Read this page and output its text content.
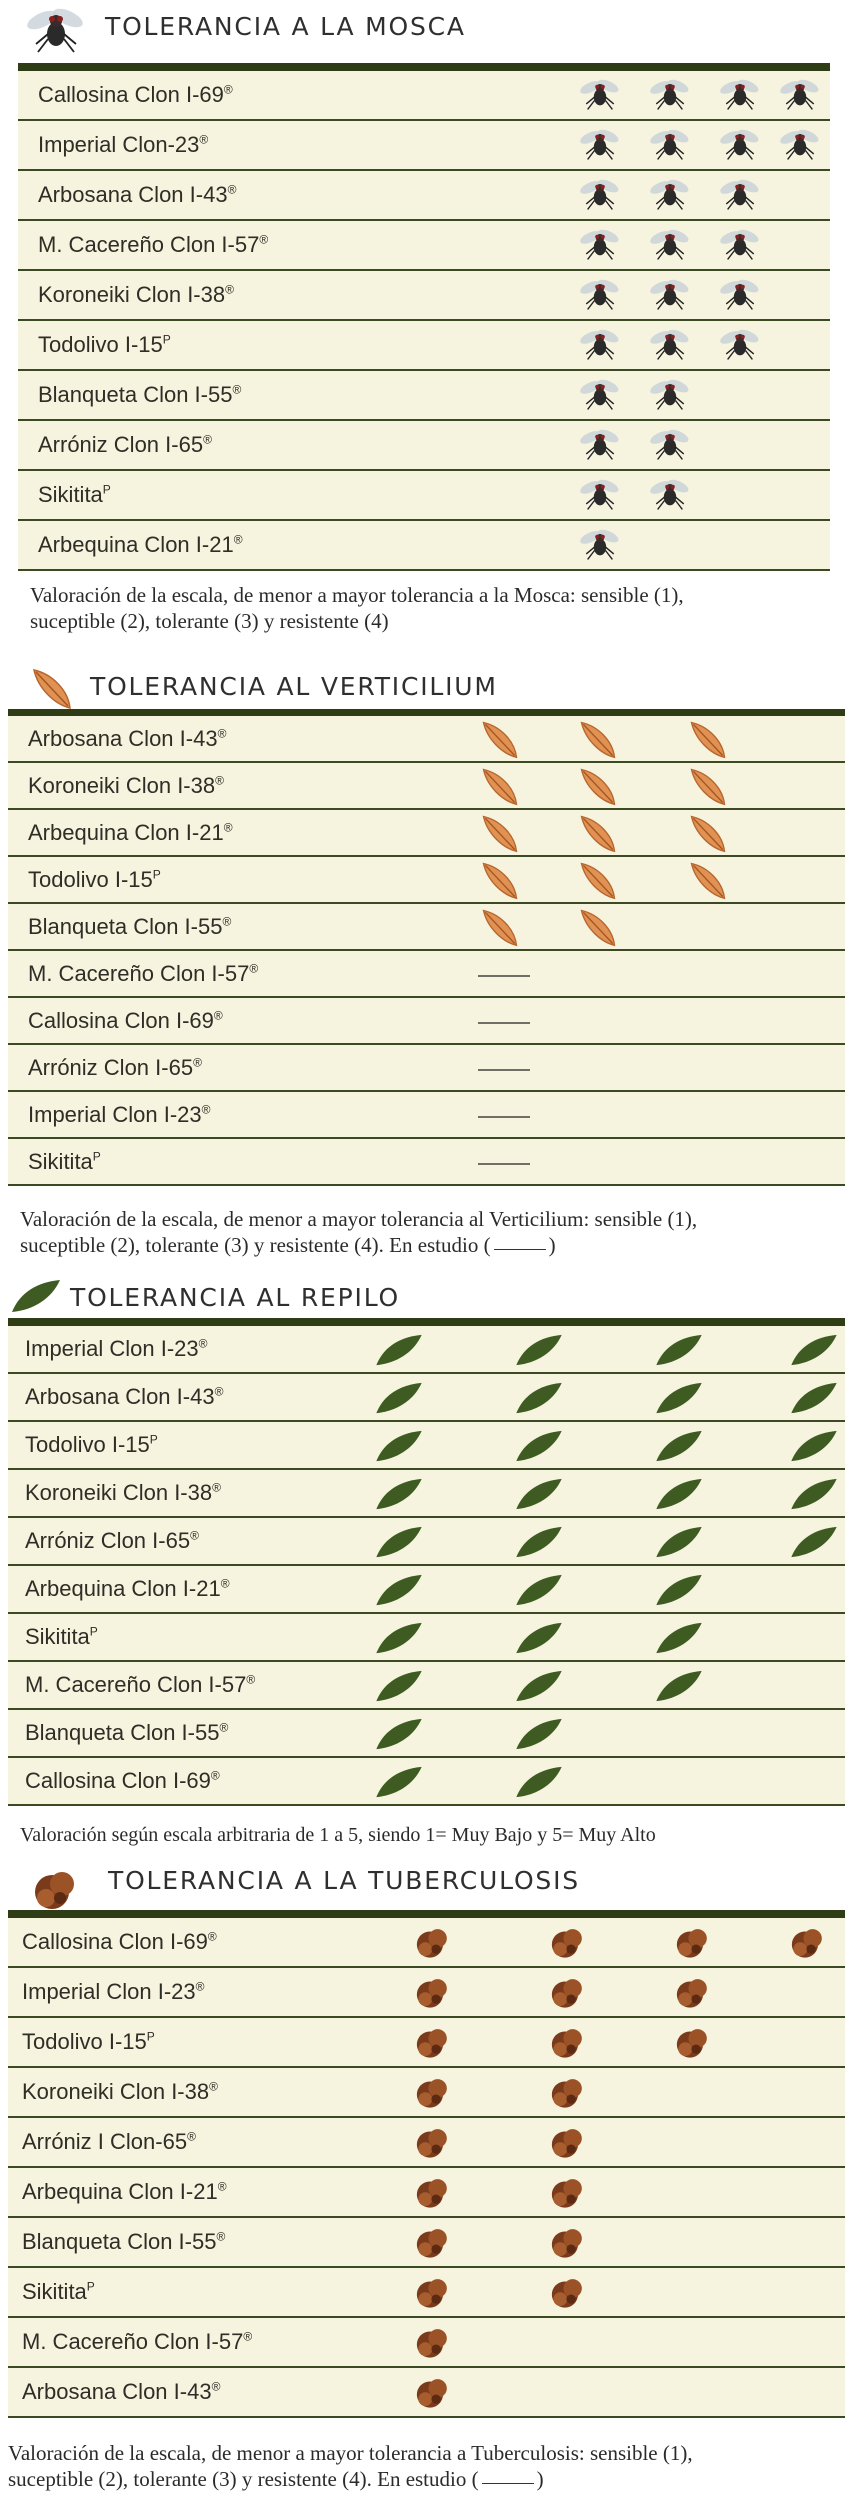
TOLERANCIA A LA MOSCA
Callosina Clon I-69®
Imperial Clon-23®
Arbosana Clon I-43®
M. Cacereño Clon I-57®
Koroneiki Clon I-38®
Todolivo $I-15^P$
Blanqueta Clon I-55®
Arróniz Clon I-65®
Sikitita$^P$
Arbequina Clon I-21®
Valoración de la escala, de menor a mayor tolerancia a la Mosca: sensible (1),
suceptible (2), tolerante (3) y resistente (4)
TOLERANCIA AL VERTICILIUM
Arbosana Clon I-43®
Koroneiki Clon I-38®
Arbequina Clon I-21®
Todolivo $I-15^P$
Blanqueta Clon I-55®
M. Cacereño Clon I-57®
Callosina Clon I-69®
Arróniz Clon I-65®
Imperial Clon I-23®
Sikitita$^P$
Valoración de la escala, de menor a mayor tolerancia al Verticilium: sensible (1),
suceptible (2), tolerante (3) y resistente (4). En estudio (	)
TOLERANCIA AL REPILO
Imperial Clon I-23®
Arbosana Clon I-43®
Todolivo $I-15^P$
Koroneiki Clon I-38®
Arróniz Clon I-65®
Arbequina Clon I-21®
Sikitita$^P$
M. Cacereño Clon I-57®
Blanqueta Clon I-55®
Callosina Clon I-69®
Valoración según escala arbitraria de 1 a 5, siendo 1= Muy Bajo y 5= Muy Alto
TOLERANCIA A LA TUBERCULOSIS
Callosina Clon I-69®
Imperial Clon I-23®
Todolivo $I-15^P$
Koroneiki Clon I-38®
Arróniz I Clon-65®
Arbequina Clon I-21®
Blanqueta Clon I-55®
Sikitita$^P$
M. Cacereño Clon I-57®
Arbosana Clon I-43®
Valoración de la escala, de menor a mayor tolerancia a Tuberculosis: sensible (1),
suceptible (2), tolerante (3) y resistente (4). En estudio (	)
